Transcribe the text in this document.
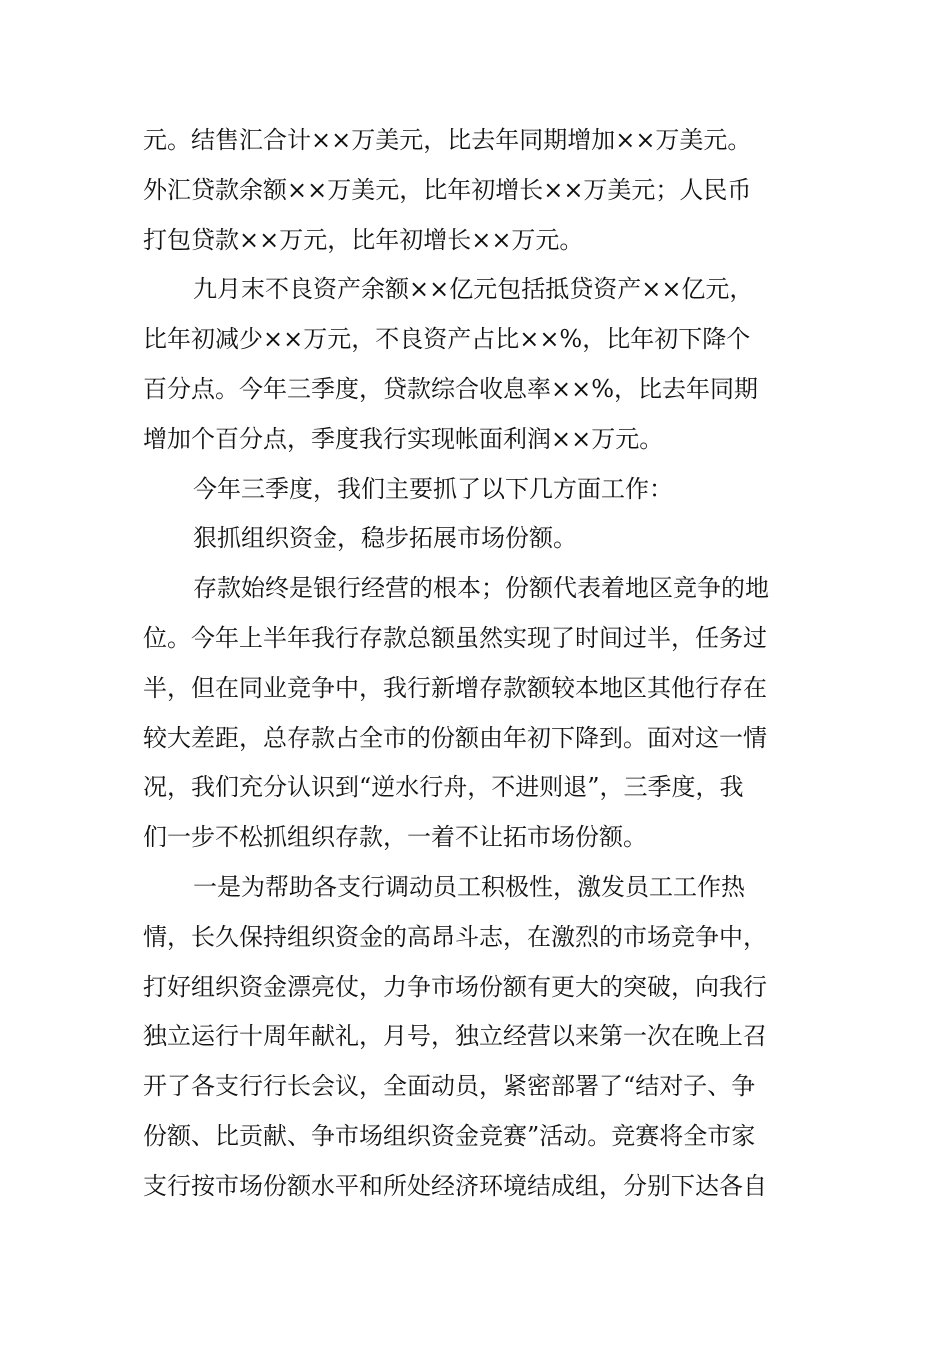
元。结售汇合计××万美元，比去年同期增加××万美元。
外汇贷款余额××万美元，比年初增长××万美元；人民币
打包贷款××万元，比年初增长××万元。
九月末不良资产余额××亿元包括抵贷资产××亿元，
比年初减少××万元，不良资产占比××%，比年初下降个
百分点。今年三季度，贷款综合收息率××%，比去年同期
增加个百分点，季度我行实现帐面利润××万元。
今年三季度，我们主要抓了以下几方面工作：
狠抓组织资金，稳步拓展市场份额。
存款始终是银行经营的根本；份额代表着地区竞争的地
位。今年上半年我行存款总额虽然实现了时间过半，任务过
半，但在同业竞争中，我行新增存款额较本地区其他行存在
较大差距，总存款占全市的份额由年初下降到。面对这一情
况，我们充分认识到“逆水行舟，不进则退”，三季度，我
们一步不松抓组织存款，一着不让拓市场份额。
一是为帮助各支行调动员工积极性，激发员工工作热
情，长久保持组织资金的高昂斗志，在激烈的市场竞争中，
打好组织资金漂亮仗，力争市场份额有更大的突破，向我行
独立运行十周年献礼，月号，独立经营以来第一次在晚上召
开了各支行行长会议，全面动员，紧密部署了“结对子、争
份额、比贡献、争市场组织资金竞赛”活动。竞赛将全市家
支行按市场份额水平和所处经济环境结成组，分别下达各自
